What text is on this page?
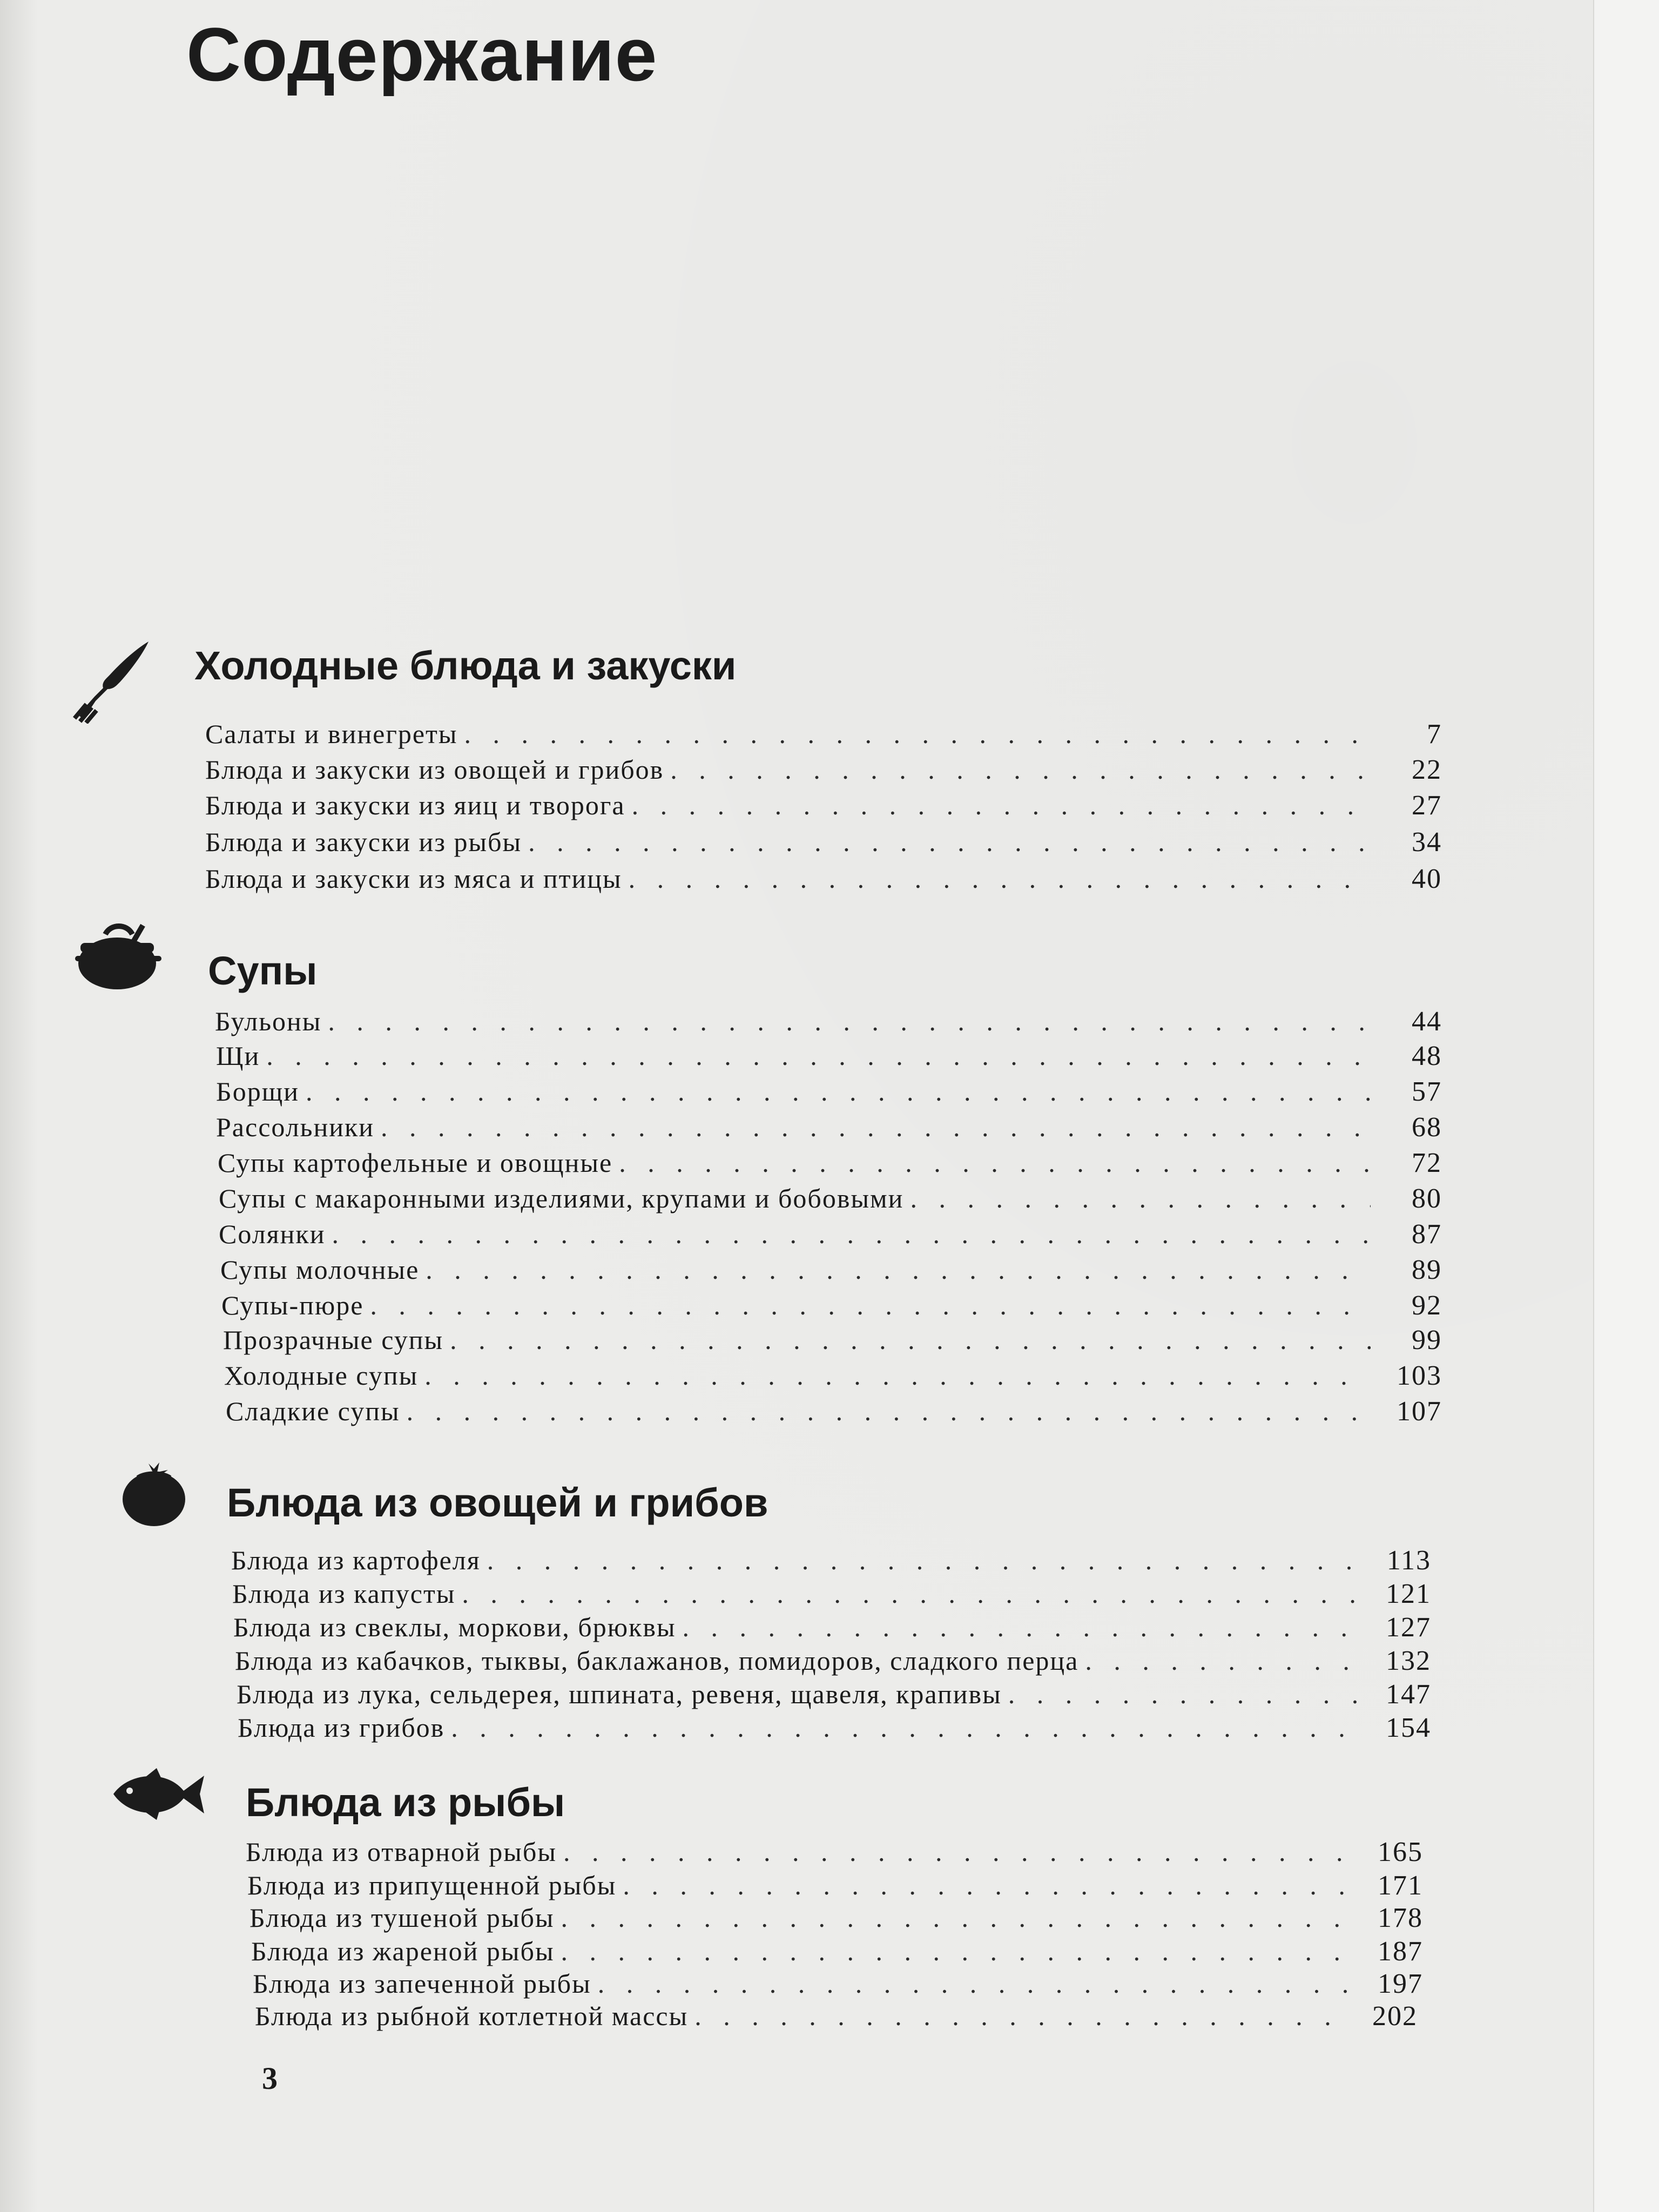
Содержание
Холодные блюда и закуски
Салаты и винегреты . . .	7
Блюда и закуски из овощей и грибов . . .	22
Блюда и закуски из яиц и творога . . .	27
Блюда и закуски из рыбы . . .	34
Блюда и закуски из мяса и птицы . . .	40
Супы
Бульоны . . .	44
Щи . . .	48
Борщи . . .	57
Рассольники . . .	68
Супы картофельные и овощные . . .	72
Супы с макаронными изделиями, крупами и бобовыми . . .	80
Солянки . . .	87
Супы молочные . . .	89
Супы-пюре . . .	92
Прозрачные супы . . .	99
Холодные супы . . .	103
Сладкие супы . . .	107
Блюда из овощей и грибов
Блюда из картофеля . . .	113
Блюда из капусты . . .	121
Блюда из свеклы, моркови, брюквы . . .	127
Блюда из кабачков, тыквы, баклажанов, помидоров, сладкого перца . . .	132
Блюда из лука, сельдерея, шпината, ревеня, щавеля, крапивы . . .	147
Блюда из грибов . . .	154
Блюда из рыбы
Блюда из отварной рыбы . . .	165
Блюда из припущенной рыбы . . .	171
Блюда из тушеной рыбы . . .	178
Блюда из жареной рыбы . . .	187
Блюда из запеченной рыбы . . .	197
Блюда из рыбной котлетной массы . . .	202
3
